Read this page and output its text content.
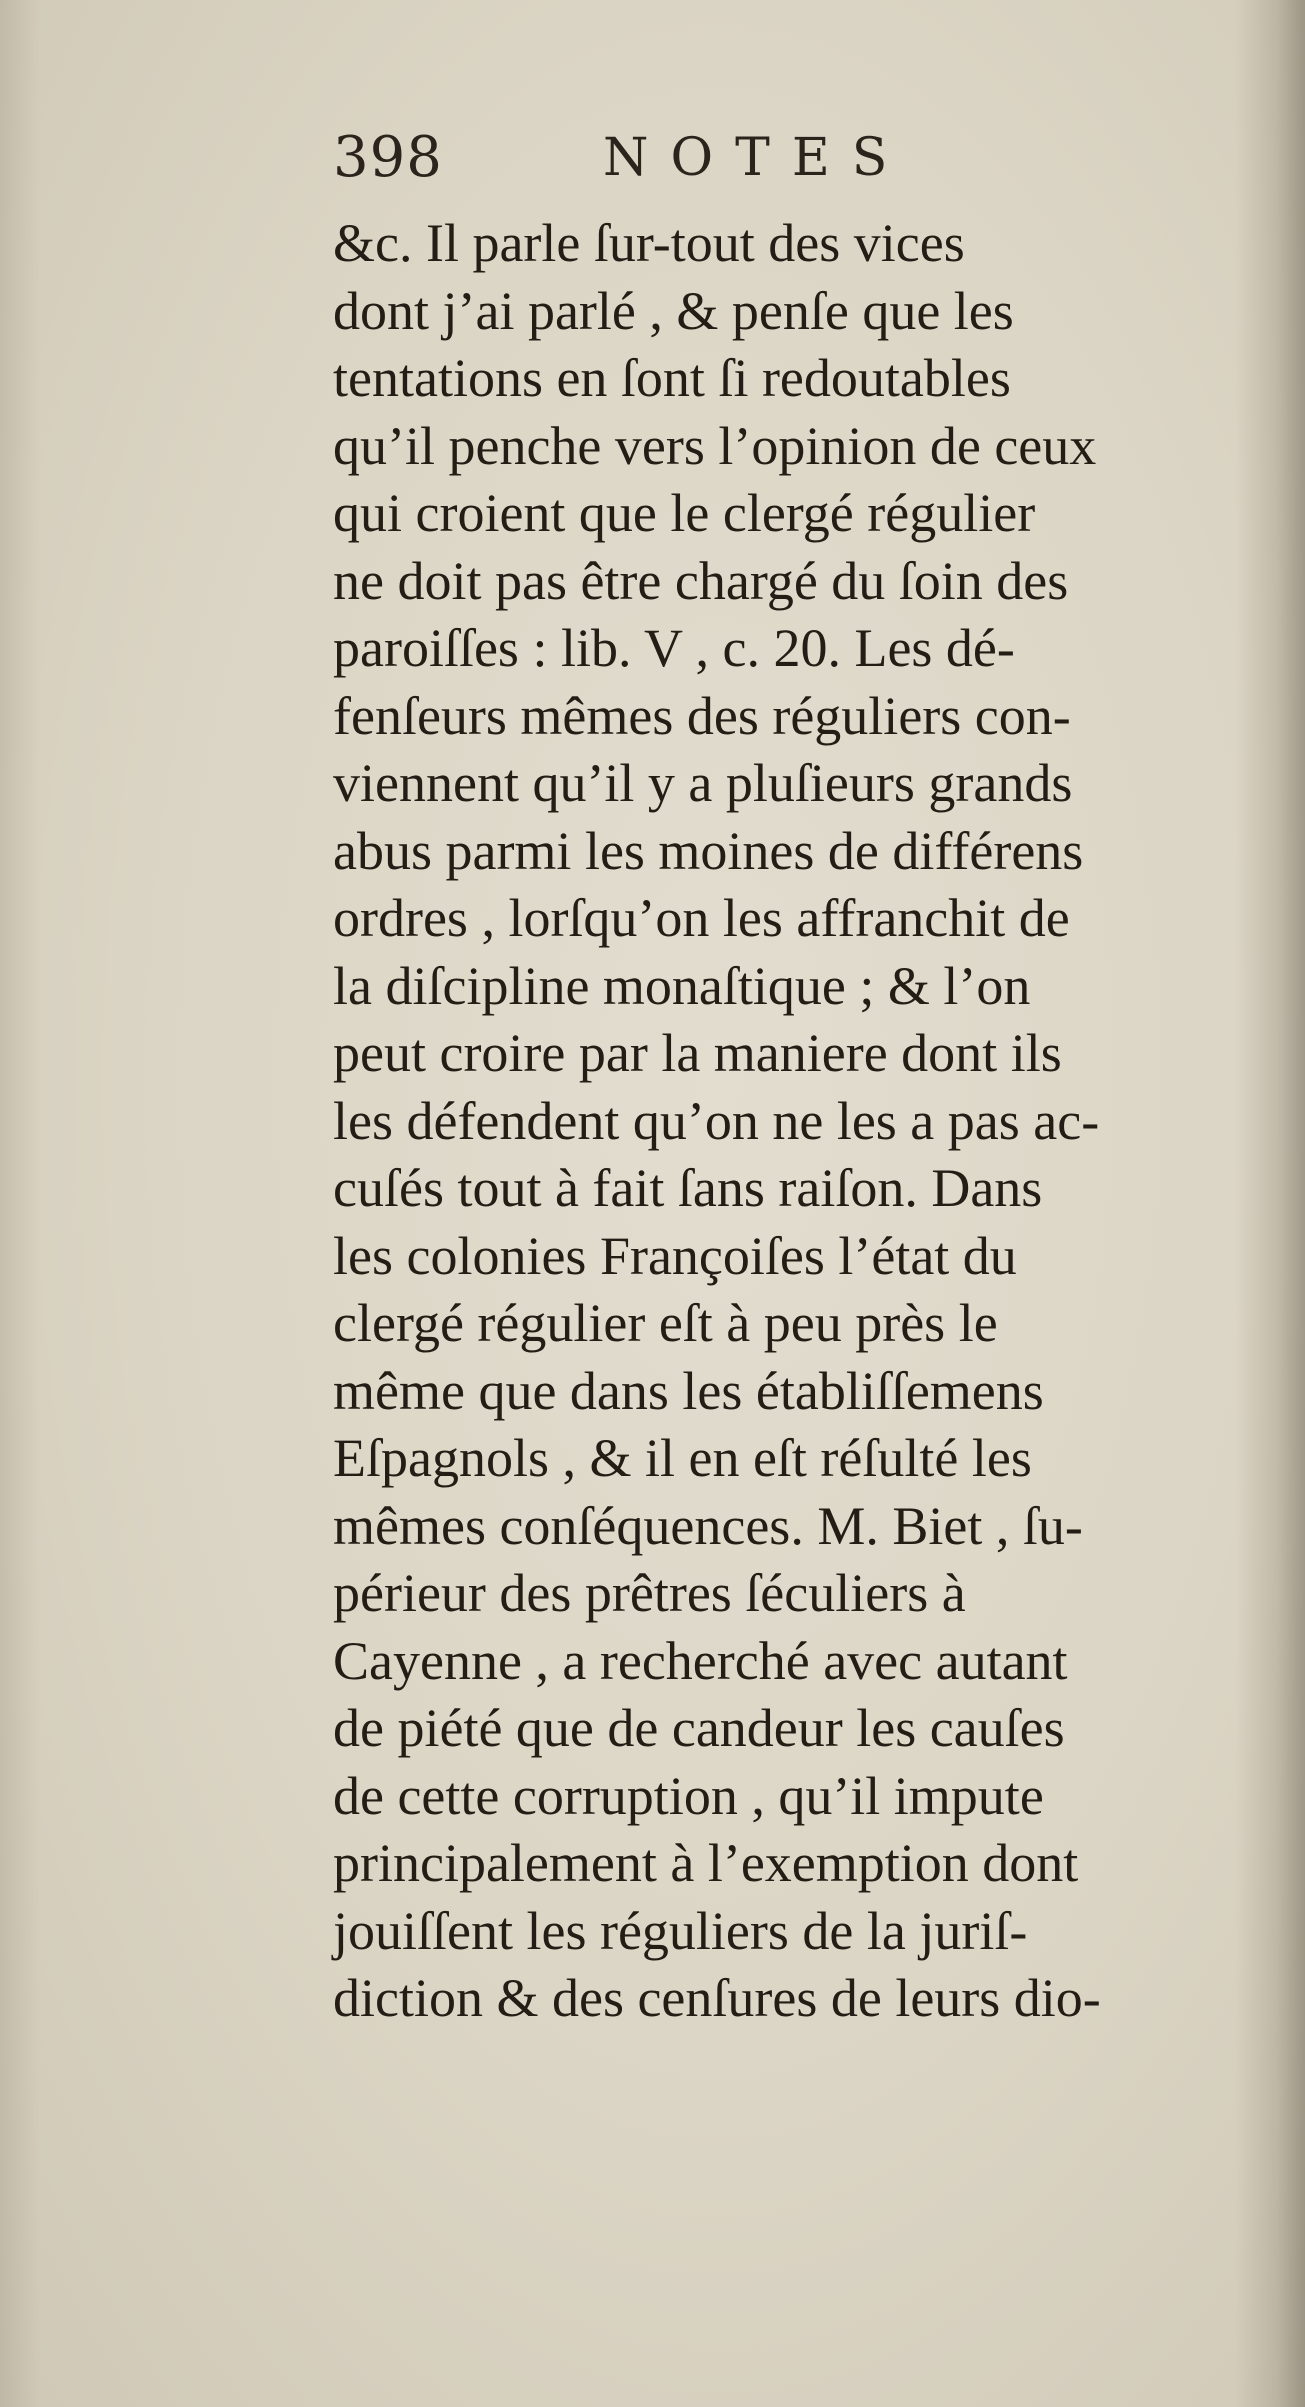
398	NOTES
&c. Il parle ſur-tout des vices
dont j’ai parlé , & penſe que les
tentations en ſont ſi redoutables
qu’il penche vers l’opinion de ceux
qui croient que le clergé régulier
ne doit pas être chargé du ſoin des
paroiſſes : lib. V , c. 20. Les dé-
fenſeurs mêmes des réguliers con-
viennent qu’il y a pluſieurs grands
abus parmi les moines de différens
ordres , lorſqu’on les affranchit de
la diſcipline monaſtique ; & l’on
peut croire par la maniere dont ils
les défendent qu’on ne les a pas ac-
cuſés tout à fait ſans raiſon. Dans
les colonies Françoiſes l’état du
clergé régulier eſt à peu près le
même que dans les établiſſemens
Eſpagnols , & il en eſt réſulté les
mêmes conſéquences. M. Biet , ſu-
périeur des prêtres ſéculiers à
Cayenne , a recherché avec autant
de piété que de candeur les cauſes
de cette corruption , qu’il impute
principalement à l’exemption dont
jouiſſent les réguliers de la juriſ-
diction & des cenſures de leurs dio-
